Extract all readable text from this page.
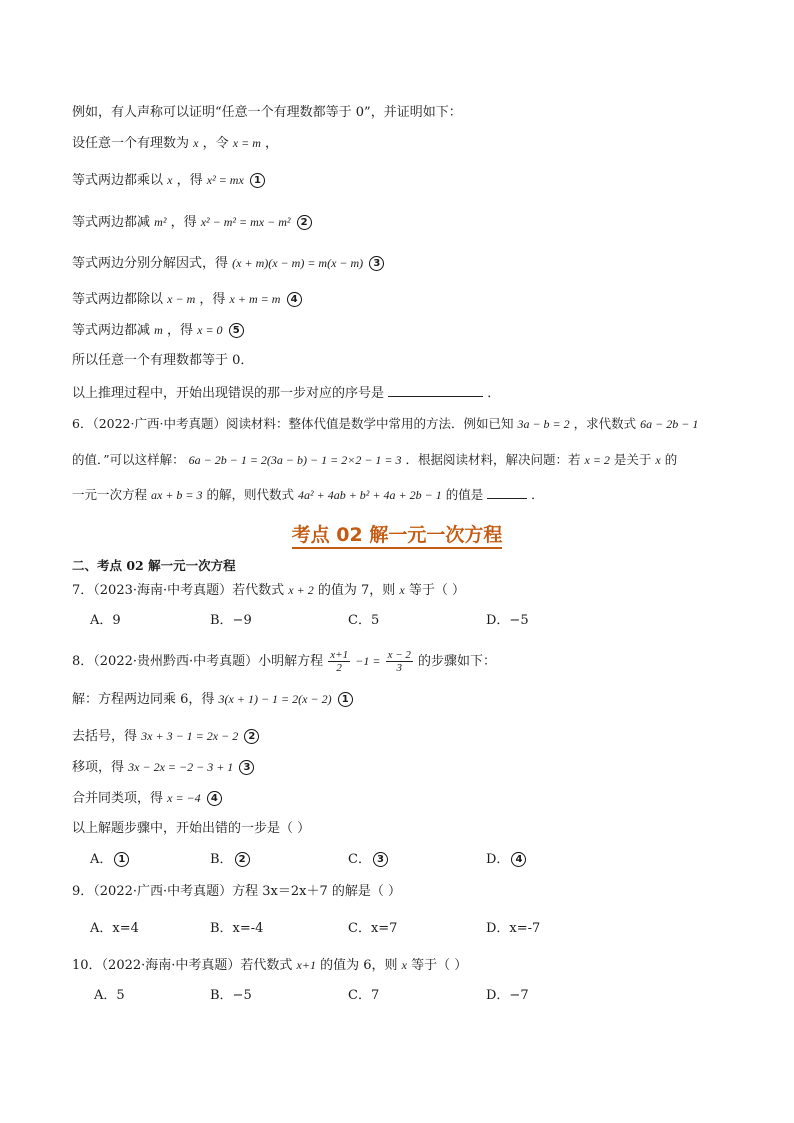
例如，有人声称可以证明“任意一个有理数都等于 0”，并证明如下：
设任意一个有理数为 x ，令 x = m ，
等式两边都乘以 x ，得 x² = mx 1
等式两边都减 m² ，得 x² − m² = mx − m² 2
等式两边分别分解因式，得 (x + m)(x − m) = m(x − m) 3
等式两边都除以 x − m ，得 x + m = m 4
等式两边都减 m ，得 x = 0 5
所以任意一个有理数都等于 0．
以上推理过程中，开始出现错误的那一步对应的序号是	．
6．（2022·广西·中考真题）阅读材料：整体代值是数学中常用的方法．例如已知 3a − b = 2 ，求代数式 6a − 2b − 1
的值．”可以这样解： 6a − 2b − 1 = 2(3a − b) − 1 = 2×2 − 1 = 3 ．根据阅读材料，解决问题：若 x = 2 是关于 x 的
一元一次方程 ax + b = 3 的解，则代数式 4a² + 4ab + b² + 4a + 2b − 1 的值是	．
考点 02 解一元一次方程
二、考点 02 解一元一次方程
7．（2023·海南·中考真题）若代数式 x + 2 的值为 7，则 x 等于（ ）
A．9	B．−9	C．5	D．−5
8．（2022·贵州黔西·中考真题）小明解方程 $\frac{x+1}{2} -1 = \frac{x - 2}{3}$ 的步骤如下：
解：方程两边同乘 6，得 3(x + 1) − 1 = 2(x − 2) 1
去括号，得 3x + 3 − 1 = 2x − 2 2
移项，得 3x − 2x = −2 − 3 + 1 3
合并同类项，得 x = −4 4
以上解题步骤中，开始出错的一步是（ ）
A． 1	B． 2	C． 3	D． 4
9．（2022·广西·中考真题）方程 3x＝2x＋7 的解是（ ）
A．x=4	B．x=-4	C．x=7	D．x=-7
10．（2022·海南·中考真题）若代数式 x+1 的值为 6，则 x 等于（ ）
A．5	B．−5	C．7	D．−7
